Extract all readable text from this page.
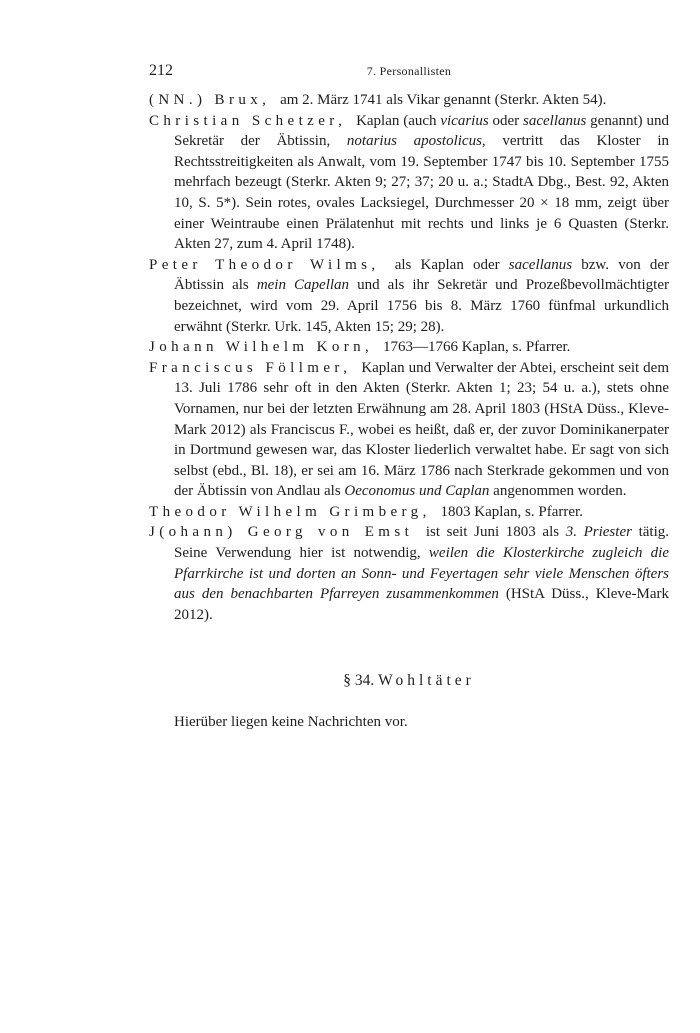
212	7. Personallisten
(NN.) Brux, am 2. März 1741 als Vikar genannt (Sterkr. Akten 54).
Christian Schetzer, Kaplan (auch vicarius oder sacellanus genannt) und Sekretär der Äbtissin, notarius apostolicus, vertritt das Kloster in Rechtsstreitigkeiten als Anwalt, vom 19. September 1747 bis 10. September 1755 mehrfach bezeugt (Sterkr. Akten 9; 27; 37; 20 u. a.; StadtA Dbg., Best. 92, Akten 10, S. 5*). Sein rotes, ovales Lacksiegel, Durchmesser 20 × 18 mm, zeigt über einer Weintraube einen Prälatenhut mit rechts und links je 6 Quasten (Sterkr. Akten 27, zum 4. April 1748).
Peter Theodor Wilms, als Kaplan oder sacellanus bzw. von der Äbtissin als mein Capellan und als ihr Sekretär und Prozeßbevollmächtigter bezeichnet, wird vom 29. April 1756 bis 8. März 1760 fünfmal urkundlich erwähnt (Sterkr. Urk. 145, Akten 15; 29; 28).
Johann Wilhelm Korn, 1763—1766 Kaplan, s. Pfarrer.
Franciscus Föllmer, Kaplan und Verwalter der Abtei, erscheint seit dem 13. Juli 1786 sehr oft in den Akten (Sterkr. Akten 1; 23; 54 u. a.), stets ohne Vornamen, nur bei der letzten Erwähnung am 28. April 1803 (HStA Düss., Kleve-Mark 2012) als Franciscus F., wobei es heißt, daß er, der zuvor Dominikanerpater in Dortmund gewesen war, das Kloster liederlich verwaltet habe. Er sagt von sich selbst (ebd., Bl. 18), er sei am 16. März 1786 nach Sterkrade gekommen und von der Äbtissin von Andlau als Oeconomus und Caplan angenommen worden.
Theodor Wilhelm Grimberg, 1803 Kaplan, s. Pfarrer.
J(ohann) Georg von Emst ist seit Juni 1803 als 3. Priester tätig. Seine Verwendung hier ist notwendig, weilen die Klosterkirche zugleich die Pfarrkirche ist und dorten an Sonn- und Feyertagen sehr viele Menschen öfters aus den benachbarten Pfarreyen zusammenkommen (HStA Düss., Kleve-Mark 2012).
§ 34. Wohltäter
Hierüber liegen keine Nachrichten vor.
